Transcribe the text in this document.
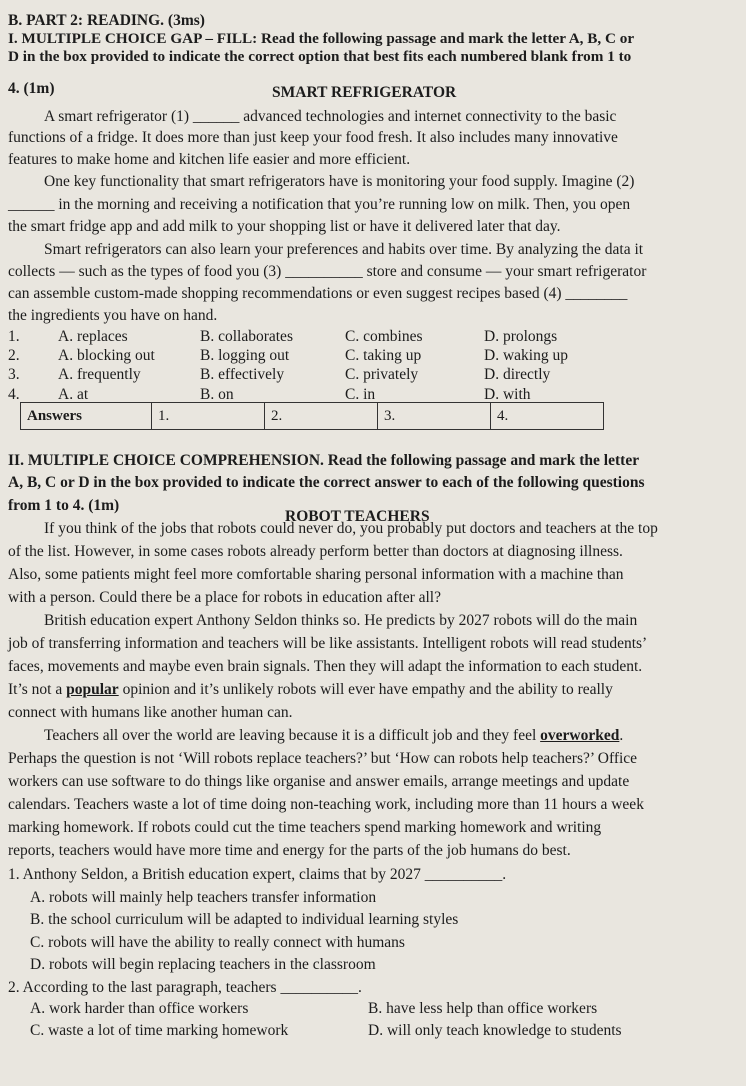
B. PART 2: READING. (3ms)
I. MULTIPLE CHOICE GAP – FILL: Read the following passage and mark the letter A, B, C or
D in the box provided to indicate the correct option that best fits each numbered blank from 1 to
4. (1m)	SMART REFRIGERATOR
A smart refrigerator (1) ______ advanced technologies and internet connectivity to the basic
functions of a fridge. It does more than just keep your food fresh. It also includes many innovative
features to make home and kitchen life easier and more efficient.
One key functionality that smart refrigerators have is monitoring your food supply. Imagine (2)
______ in the morning and receiving a notification that you’re running low on milk. Then, you open
the smart fridge app and add milk to your shopping list or have it delivered later that day.
Smart refrigerators can also learn your preferences and habits over time. By analyzing the data it
collects — such as the types of food you (3) __________ store and consume — your smart refrigerator
can assemble custom-made shopping recommendations or even suggest recipes based (4) ________
the ingredients you have on hand.
1. A. replaces	B. collaborates	C. combines	D. prolongs
2. A. blocking out	B. logging out	C. taking up	D. waking up
3. A. frequently	B. effectively	C. privately	D. directly
4. A. at	B. on	C. in	D. with
Answers	1.	2.	3.	4.
II. MULTIPLE CHOICE COMPREHENSION. Read the following passage and mark the letter
A, B, C or D in the box provided to indicate the correct answer to each of the following questions
from 1 to 4. (1m)
ROBOT TEACHERS
If you think of the jobs that robots could never do, you probably put doctors and teachers at the top
of the list. However, in some cases robots already perform better than doctors at diagnosing illness.
Also, some patients might feel more comfortable sharing personal information with a machine than
with a person. Could there be a place for robots in education after all?
British education expert Anthony Seldon thinks so. He predicts by 2027 robots will do the main
job of transferring information and teachers will be like assistants. Intelligent robots will read students’
faces, movements and maybe even brain signals. Then they will adapt the information to each student.
It’s not a popular opinion and it’s unlikely robots will ever have empathy and the ability to really
connect with humans like another human can.
Teachers all over the world are leaving because it is a difficult job and they feel overworked.
Perhaps the question is not ‘Will robots replace teachers?’ but ‘How can robots help teachers?’ Office
workers can use software to do things like organise and answer emails, arrange meetings and update
calendars. Teachers waste a lot of time doing non-teaching work, including more than 11 hours a week
marking homework. If robots could cut the time teachers spend marking homework and writing
reports, teachers would have more time and energy for the parts of the job humans do best.
1. Anthony Seldon, a British education expert, claims that by 2027 __________.
A. robots will mainly help teachers transfer information
B. the school curriculum will be adapted to individual learning styles
C. robots will have the ability to really connect with humans
D. robots will begin replacing teachers in the classroom
2. According to the last paragraph, teachers __________.
A. work harder than office workers	B. have less help than office workers
C. waste a lot of time marking homework	D. will only teach knowledge to students
